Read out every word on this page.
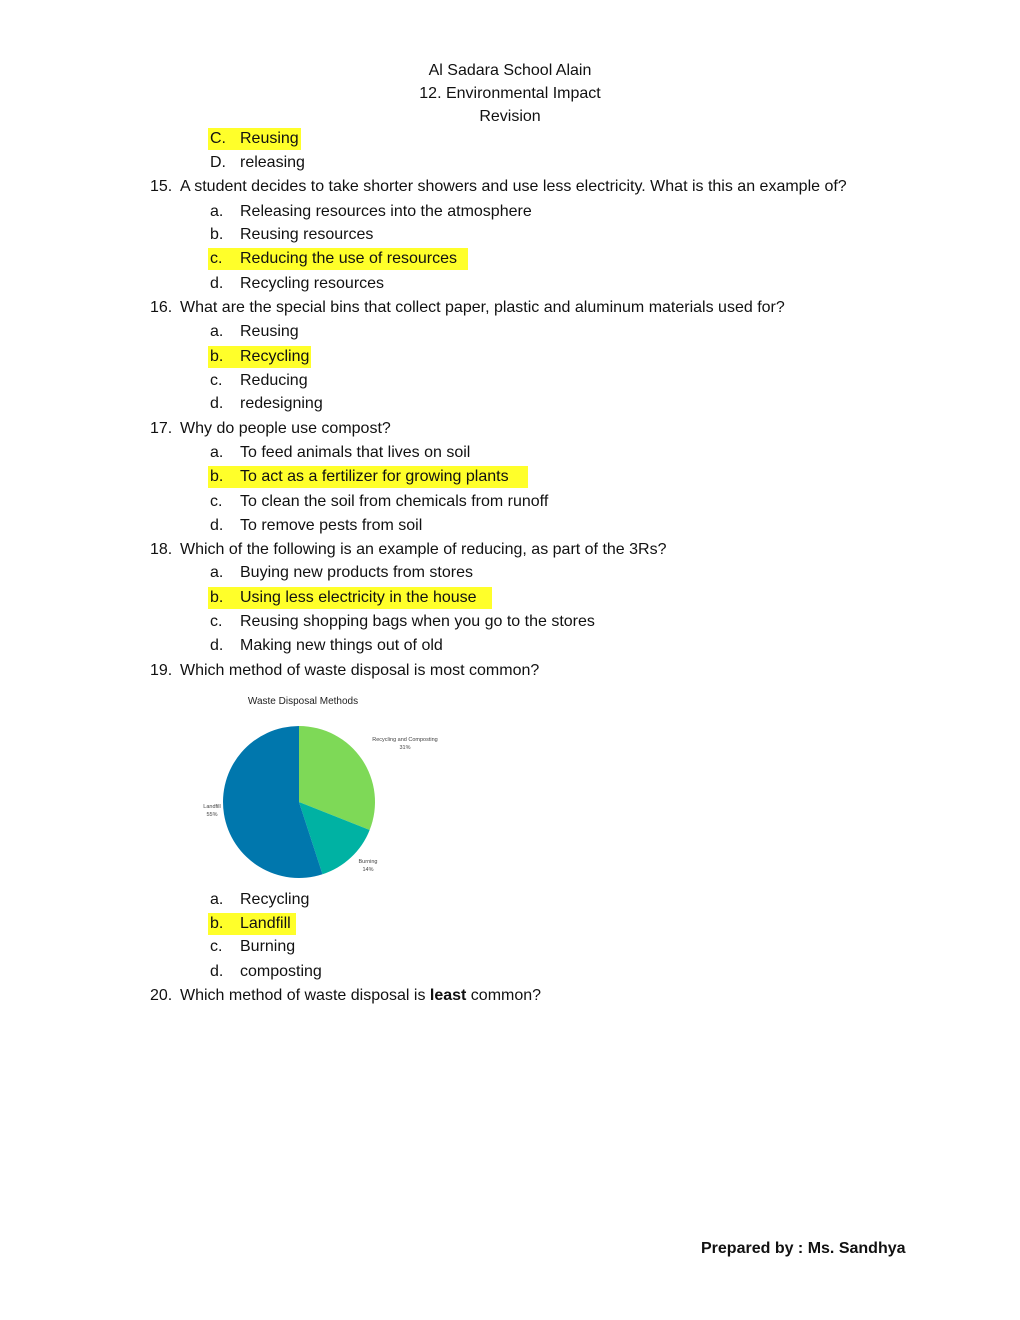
Al Sadara School Alain
12. Environmental Impact
Revision
C. Reusing
D. releasing
15. A student decides to take shorter showers and use less electricity. What is this an example of?
a. Releasing resources into the atmosphere
b. Reusing resources
c. Reducing the use of resources
d. Recycling resources
16. What are the special bins that collect paper, plastic and aluminum materials used for?
a. Reusing
b. Recycling
c. Reducing
d. redesigning
17. Why do people use compost?
a. To feed animals that lives on soil
b. To act as a fertilizer for growing plants
c. To clean the soil from chemicals from runoff
d. To remove pests from soil
18. Which of the following is an example of reducing, as part of the 3Rs?
a. Buying new products from stores
b. Using less electricity in the house
c. Reusing shopping bags when you go to the stores
d. Making new things out of old
19. Which method of waste disposal is most common?
Waste Disposal Methods
Recycling and Composting
31%
Burning
14%
Landfill
55%
a. Recycling
b. Landfill
c. Burning
d. composting
20. Which method of waste disposal is least common?
Prepared by : Ms. Sandhya
